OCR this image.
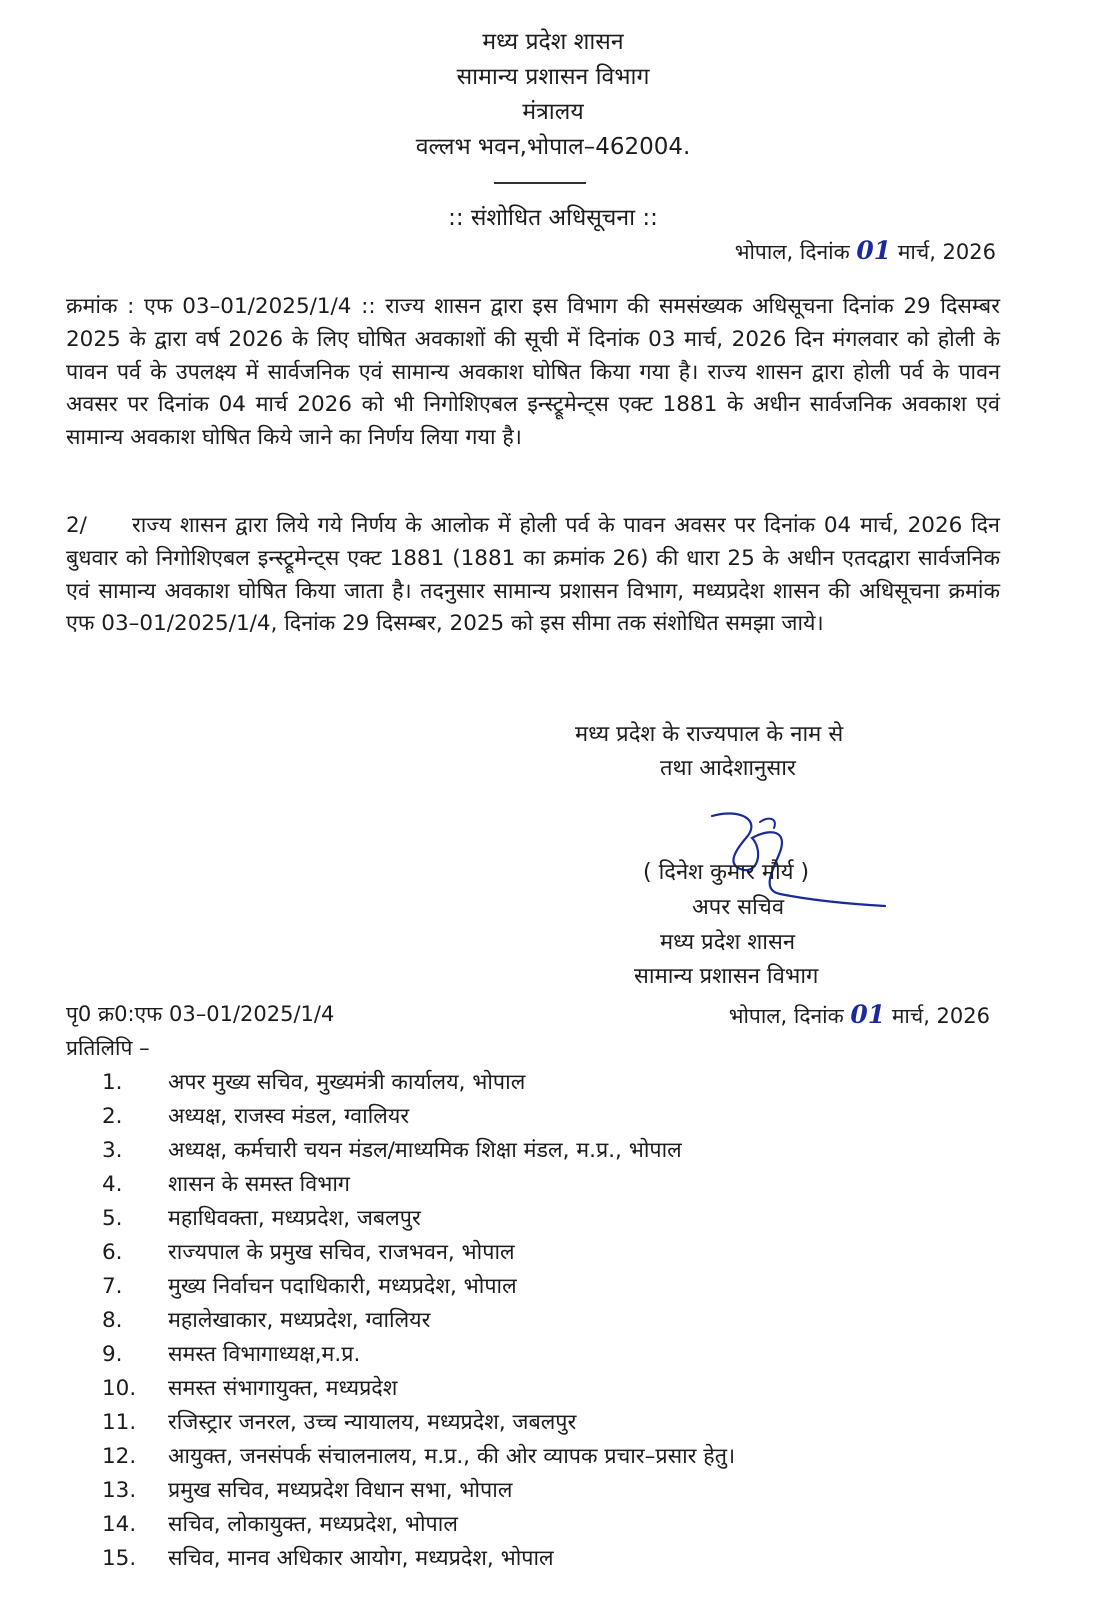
मध्य प्रदेश शासन
सामान्य प्रशासन विभाग
मंत्रालय
वल्लभ भवन,भोपाल–462004.
:: संशोधित अधिसूचना ::
भोपाल, दिनांक 01 मार्च, 2026

क्रमांक : एफ 03–01/2025/1/4 :: राज्य शासन द्वारा इस विभाग की समसंख्यक अधिसूचना दिनांक 29 दिसम्बर 2025 के द्वारा वर्ष 2026 के लिए घोषित अवकाशों की सूची में दिनांक 03 मार्च, 2026 दिन मंगलवार को होली के पावन पर्व के उपलक्ष्य में सार्वजनिक एवं सामान्य अवकाश घोषित किया गया है। राज्य शासन द्वारा होली पर्व के पावन अवसर पर दिनांक 04 मार्च 2026 को भी निगोशिएबल इन्स्ट्रूमेन्ट्स एक्ट 1881 के अधीन सार्वजनिक अवकाश एवं सामान्य अवकाश घोषित किये जाने का निर्णय लिया गया है।

2/ राज्य शासन द्वारा लिये गये निर्णय के आलोक में होली पर्व के पावन अवसर पर दिनांक 04 मार्च, 2026 दिन बुधवार को निगोशिएबल इन्स्ट्रूमेन्ट्स एक्ट 1881 (1881 का क्रमांक 26) की धारा 25 के अधीन एतदद्वारा सार्वजनिक एवं सामान्य अवकाश घोषित किया जाता है। तदनुसार सामान्य प्रशासन विभाग, मध्यप्रदेश शासन की अधिसूचना क्रमांक एफ 03–01/2025/1/4, दिनांक 29 दिसम्बर, 2025 को इस सीमा तक संशोधित समझा जाये।

मध्य प्रदेश के राज्यपाल के नाम से
तथा आदेशानुसार
( दिनेश कुमार मौर्य )
अपर सचिव
मध्य प्रदेश शासन
सामान्य प्रशासन विभाग
पृ0 क्र0:एफ 03–01/2025/1/4	भोपाल, दिनांक 01 मार्च, 2026
प्रतिलिपि –
1. अपर मुख्य सचिव, मुख्यमंत्री कार्यालय, भोपाल
2. अध्यक्ष, राजस्व मंडल, ग्वालियर
3. अध्यक्ष, कर्मचारी चयन मंडल/माध्यमिक शिक्षा मंडल, म.प्र., भोपाल
4. शासन के समस्त विभाग
5. महाधिवक्ता, मध्यप्रदेश, जबलपुर
6. राज्यपाल के प्रमुख सचिव, राजभवन, भोपाल
7. मुख्य निर्वाचन पदाधिकारी, मध्यप्रदेश, भोपाल
8. महालेखाकार, मध्यप्रदेश, ग्वालियर
9. समस्त विभागाध्यक्ष,म.प्र.
10. समस्त संभागायुक्त, मध्यप्रदेश
11. रजिस्ट्रार जनरल, उच्च न्यायालय, मध्यप्रदेश, जबलपुर
12. आयुक्त, जनसंपर्क संचालनालय, म.प्र., की ओर व्यापक प्रचार–प्रसार हेतु।
13. प्रमुख सचिव, मध्यप्रदेश विधान सभा, भोपाल
14. सचिव, लोकायुक्त, मध्यप्रदेश, भोपाल
15. सचिव, मानव अधिकार आयोग, मध्यप्रदेश, भोपाल
